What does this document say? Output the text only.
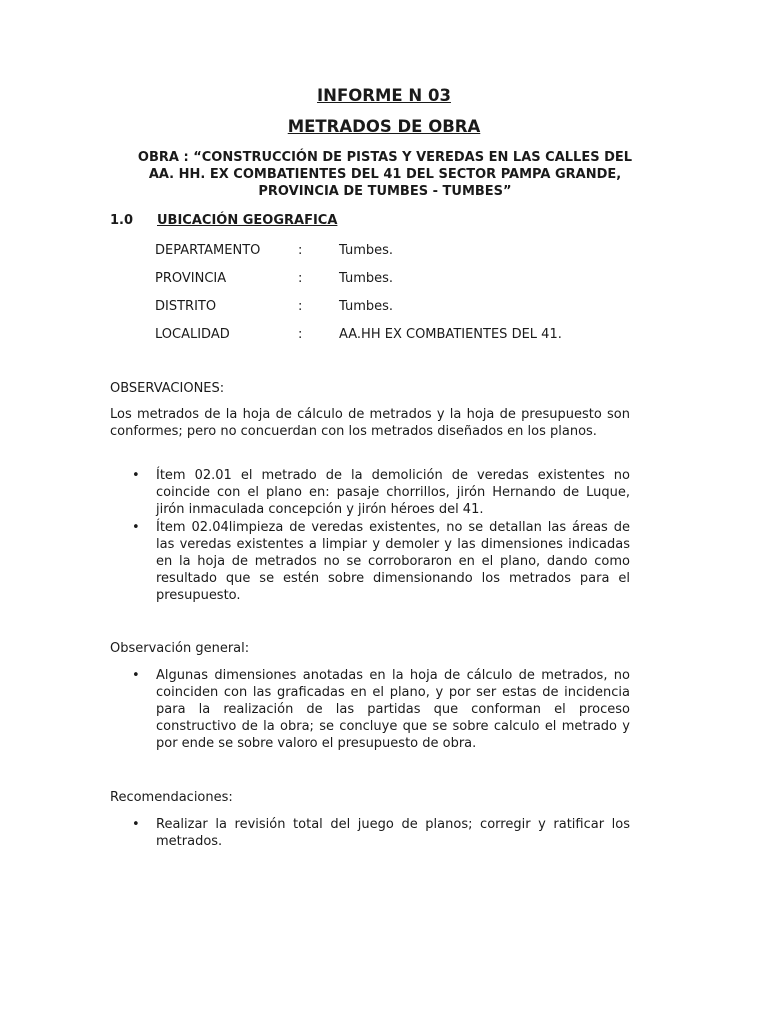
INFORME N 03
METRADOS DE OBRA
OBRA : “CONSTRUCCIÓN DE PISTAS Y VEREDAS EN LAS CALLES DEL AA. HH. EX COMBATIENTES DEL 41 DEL SECTOR PAMPA GRANDE, PROVINCIA DE TUMBES - TUMBES”
1.0 UBICACIÓN GEOGRAFICA
DEPARTAMENTO	:	Tumbes.
PROVINCIA	:	Tumbes.
DISTRITO	:	Tumbes.
LOCALIDAD	:	AA.HH EX COMBATIENTES DEL 41.
OBSERVACIONES:
Los metrados de la hoja de cálculo de metrados y la hoja de presupuesto son conformes; pero no concuerdan con los metrados diseñados en los planos.
• Ítem 02.01 el metrado de la demolición de veredas existentes no coincide con el plano en: pasaje chorrillos, jirón Hernando de Luque, jirón inmaculada concepción y jirón héroes del 41.
• Ítem 02.04limpieza de veredas existentes, no se detallan las áreas de las veredas existentes a limpiar y demoler y las dimensiones indicadas en la hoja de metrados no se corroboraron en el plano, dando como resultado que se estén sobre dimensionando los metrados para el presupuesto.
Observación general:
• Algunas dimensiones anotadas en la hoja de cálculo de metrados, no coinciden con las graficadas en el plano, y por ser estas de incidencia para la realización de las partidas que conforman el proceso constructivo de la obra; se concluye que se sobre calculo el metrado y por ende se sobre valoro el presupuesto de obra.
Recomendaciones:
• Realizar la revisión total del juego de planos; corregir y ratificar los metrados.
